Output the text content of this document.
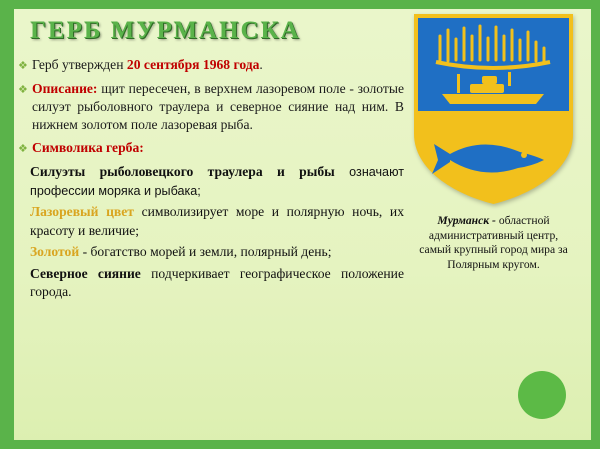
ГЕРБ МУРМАНСКА
❖ Герб утвержден 20 сентября 1968 года.
❖ Описание: щит пересечен, в верхнем лазоревом поле - золотые силуэт рыболовного траулера и северное сияние над ним. В нижнем золотом поле лазоревая рыба.
❖ Символика герба:
Силуэты рыболовецкого траулера и рыбы означают профессии моряка и рыбака;
Лазоревый цвет символизирует море и полярную ночь, их красоту и величие;
Золотой - богатство морей и земли, полярный день;
Северное сияние подчеркивает географическое положение города.
Мурманск - областной административный центр, самый крупный город мира за Полярным кругом.
